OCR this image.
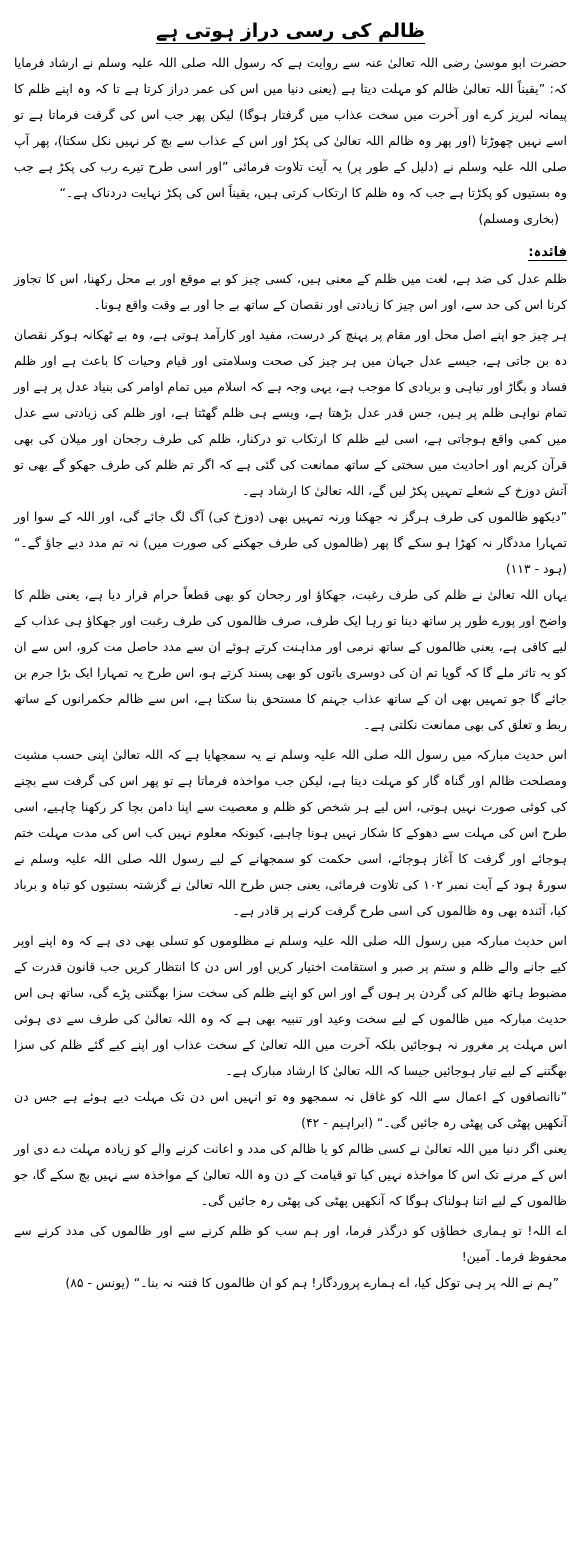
ظالم کی رسی دراز ہوتی ہے

حضرت ابو موسیٰ رضی اللہ تعالیٰ عنہ سے روایت ہے کہ رسول اللہ صلی اللہ علیہ وسلم نے ارشاد فرمایا کہ: ”یقیناً اللہ تعالیٰ ظالم کو مہلت دیتا ہے (یعنی دنیا میں اس کی عمر دراز کرتا ہے تا کہ وہ اپنے ظلم کا پیمانہ لبریز کرے اور آخرت میں سخت عذاب میں گرفتار ہوگا) لیکن پھر جب اس کی گرفت فرماتا ہے تو اسے نہیں چھوڑتا (اور پھر وہ ظالم اللہ تعالیٰ کی پکڑ اور اس کے عذاب سے بچ کر نہیں نکل سکتا)، پھر آپ صلی اللہ علیہ وسلم نے (دلیل کے طور پر) یہ آیت تلاوت فرمائی ”اور اسی طرح تیرے رب کی پکڑ ہے جب وہ بستیوں کو پکڑتا ہے جب کہ وہ ظلم کا ارتکاب کرتی ہیں، یقیناً اس کی پکڑ نہایت دردناک ہے۔“

(بخاری ومسلم)

فائدہ:

ظلم عدل کی ضد ہے، لغت میں ظلم کے معنی ہیں، کسی چیز کو بے موقع اور بے محل رکھنا، اس کا تجاوز کرنا اس کی حد سے، اور اس چیز کا زیادتی اور نقصان کے ساتھ بے جا اور بے وقت واقع ہونا۔

ہر چیز جو اپنے اصل محل اور مقام پر پہنچ کر درست، مفید اور کارآمد ہوتی ہے، وہ بے ٹھکانہ ہوکر نقصان دہ بن جاتی ہے، جیسے عدل جہان میں ہر چیز کی صحت وسلامتی اور قیام وحیات کا باعث ہے اور ظلم فساد و بگاڑ اور تباہی و بربادی کا موجب ہے، یہی وجہ ہے کہ اسلام میں تمام اوامر کی بنیاد عدل پر ہے اور تمام نواہی ظلم پر ہیں، جس قدر عدل بڑھتا ہے، ویسے ہی ظلم گھٹتا ہے، اور ظلم کی زیادتی سے عدل میں کمی واقع ہوجاتی ہے، اسی لیے ظلم کا ارتکاب تو درکنار، ظلم کی طرف رجحان اور میلان کی بھی قرآن کریم اور احادیث میں سختی کے ساتھ ممانعت کی گئی ہے کہ اگر تم ظلم کی طرف جھکو گے بھی تو آتش دوزخ کے شعلے تمہیں پکڑ لیں گے، اللہ تعالیٰ کا ارشاد ہے۔

”دیکھو ظالموں کی طرف ہرگز نہ جھکنا ورنہ تمہیں بھی (دوزخ کی) آگ لگ جائے گی، اور اللہ کے سوا اور تمہارا مددگار نہ کھڑا ہو سکے گا پھر (ظالموں کی طرف جھکنے کی صورت میں) نہ تم مدد دیے جاؤ گے۔“ (ہود - ۱۱۳)

یہاں اللہ تعالیٰ نے ظلم کی طرف رغبت، جھکاؤ اور رجحان کو بھی قطعاً حرام قرار دیا ہے، یعنی ظلم کا واضح اور پورے طور پر ساتھ دینا تو رہا ایک طرف، صرف ظالموں کی طرف رغبت اور جھکاؤ ہی عذاب کے لیے کافی ہے، یعنی ظالموں کے ساتھ نرمی اور مداہنت کرتے ہوئے ان سے مدد حاصل مت کرو، اس سے ان کو یہ تاثر ملے گا کہ گویا تم ان کی دوسری باتوں کو بھی پسند کرتے ہو، اس طرح یہ تمہارا ایک بڑا جرم بن جائے گا جو تمہیں بھی ان کے ساتھ عذاب جہنم کا مستحق بنا سکتا ہے، اس سے ظالم حکمرانوں کے ساتھ ربط و تعلق کی بھی ممانعت نکلتی ہے۔

اس حدیث مبارکہ میں رسول اللہ صلی اللہ علیہ وسلم نے یہ سمجھایا ہے کہ اللہ تعالیٰ اپنی حسب مشیت ومصلحت ظالم اور گناہ گار کو مہلت دیتا ہے، لیکن جب مواخذہ فرماتا ہے تو پھر اس کی گرفت سے بچنے کی کوئی صورت نہیں ہوتی، اس لیے ہر شخص کو ظلم و معصیت سے اپنا دامن بچا کر رکھنا چاہیے، اسی طرح اس کی مہلت سے دھوکے کا شکار نہیں ہونا چاہیے، کیونکہ معلوم نہیں کب اس کی مدت مہلت ختم ہوجائے اور گرفت کا آغاز ہوجائے، اسی حکمت کو سمجھانے کے لیے رسول اللہ صلی اللہ علیہ وسلم نے سورۂ ہود کے آیت نمبر ۱۰۲ کی تلاوت فرمائی، یعنی جس طرح اللہ تعالیٰ نے گزشتہ بستیوں کو تباہ و برباد کیا، آئندہ بھی وہ ظالموں کی اسی طرح گرفت کرنے پر قادر ہے۔

اس حدیث مبارکہ میں رسول اللہ صلی اللہ علیہ وسلم نے مظلوموں کو تسلی بھی دی ہے کہ وہ اپنے اوپر کیے جانے والے ظلم و ستم پر صبر و استقامت اختیار کریں اور اس دن کا انتظار کریں جب قانون قدرت کے مضبوط ہاتھ ظالم کی گردن پر ہوں گے اور اس کو اپنے ظلم کی سخت سزا بھگتنی پڑے گی، ساتھ ہی اس حدیث مبارکہ میں ظالموں کے لیے سخت وعید اور تنبیہ بھی ہے کہ وہ اللہ تعالیٰ کی طرف سے دی ہوئی اس مہلت پر مغرور نہ ہوجائیں بلکہ آخرت میں اللہ تعالیٰ کے سخت عذاب اور اپنے کیے گئے ظلم کی سزا بھگتنے کے لیے تیار ہوجائیں جیسا کہ اللہ تعالیٰ کا ارشاد مبارک ہے۔

”ناانصافوں کے اعمال سے اللہ کو غافل نہ سمجھو وہ تو انہیں اس دن تک مہلت دیے ہوئے ہے جس دن آنکھیں پھٹی کی پھٹی رہ جائیں گی۔“ (ابراہیم - ۴۲)

یعنی اگر دنیا میں اللہ تعالیٰ نے کسی ظالم کو یا ظالم کی مدد و اعانت کرنے والے کو زیادہ مہلت دے دی اور اس کے مرنے تک اس کا مواخذہ نہیں کیا تو قیامت کے دن وہ اللہ تعالیٰ کے مواخذہ سے نہیں بچ سکے گا، جو ظالموں کے لیے اتنا ہولناک ہوگا کہ آنکھیں پھٹی کی پھٹی رہ جائیں گی۔

اے اللہ! تو ہماری خطاؤں کو درگذر فرما، اور ہم سب کو ظلم کرنے سے اور ظالموں کی مدد کرنے سے محفوظ فرما۔ آمین!

”ہم نے اللہ پر ہی توکل کیا، اے ہمارے پروردگار! ہم کو ان ظالموں کا فتنہ نہ بنا۔“ (یونس - ۸۵)
